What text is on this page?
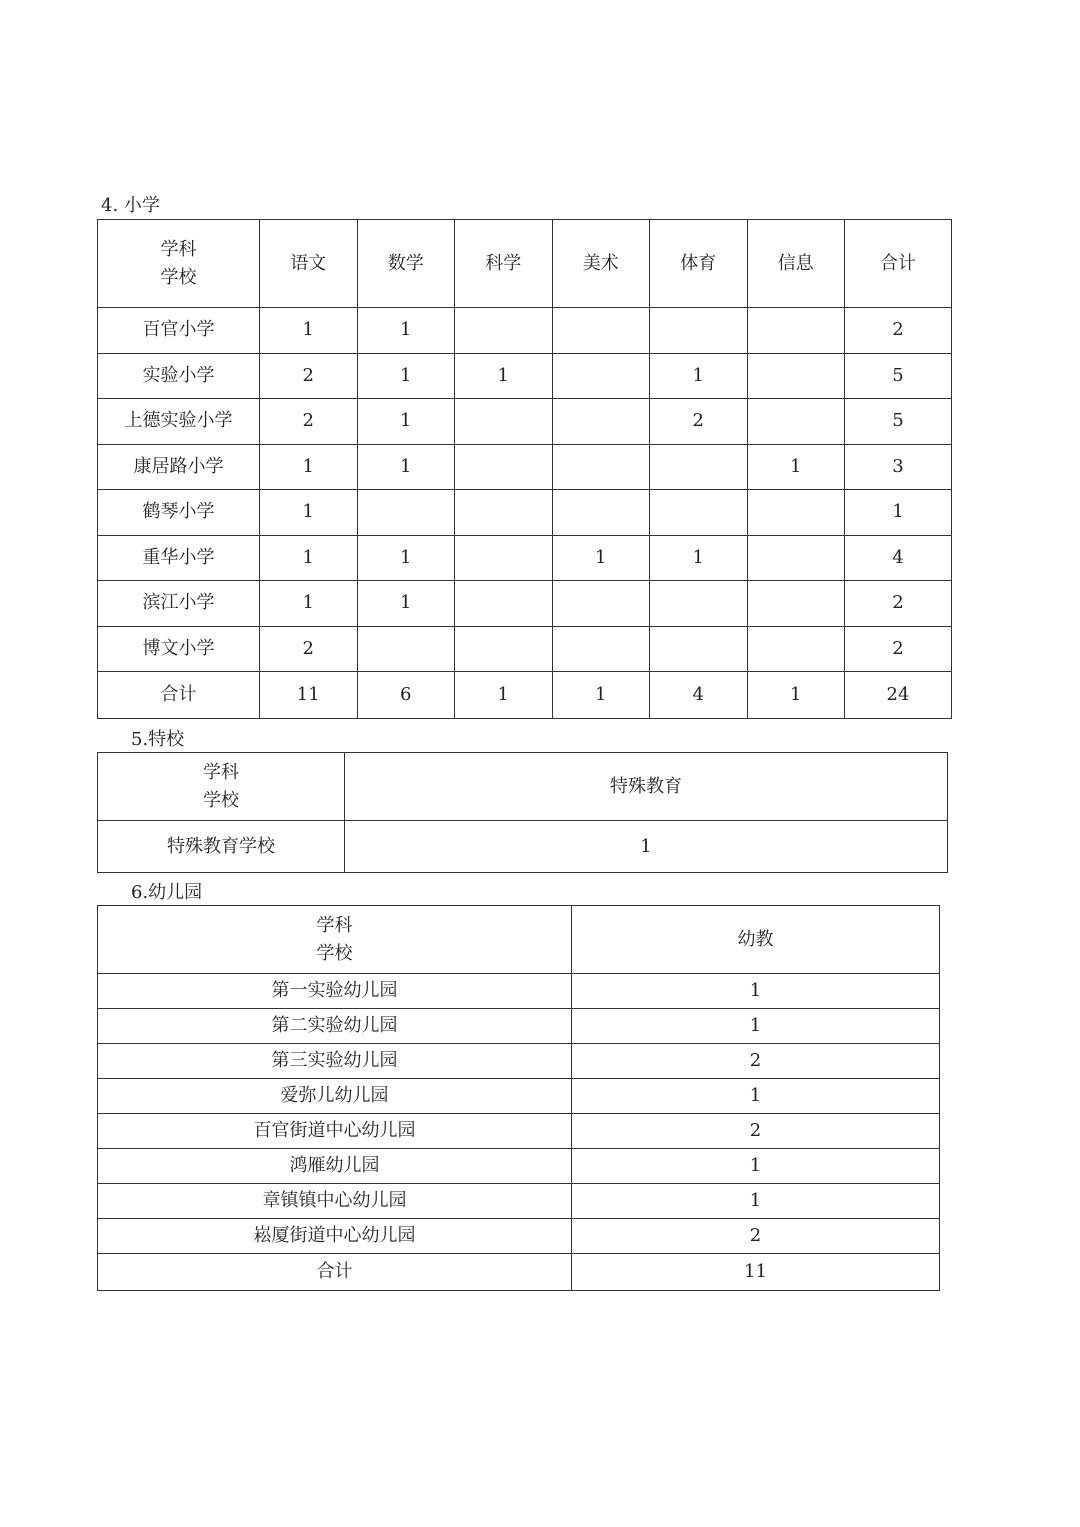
4. 小学
学科
学校	语文	数学	科学	美术	体育	信息	合计
百官小学	1	1					2
实验小学	2	1	1		1		5
上德实验小学	2	1			2		5
康居路小学	1	1				1	3
鹤琴小学	1						1
重华小学	1	1		1	1		4
滨江小学	1	1					2
博文小学	2						2
合计	11	6	1	1	4	1	24
5.特校
学科
学校	特殊教育
特殊教育学校	1
6.幼儿园
学科
学校	幼教
第一实验幼儿园	1
第二实验幼儿园	1
第三实验幼儿园	2
爱弥儿幼儿园	1
百官街道中心幼儿园	2
鸿雁幼儿园	1
章镇镇中心幼儿园	1
崧厦街道中心幼儿园	2
合计	11
